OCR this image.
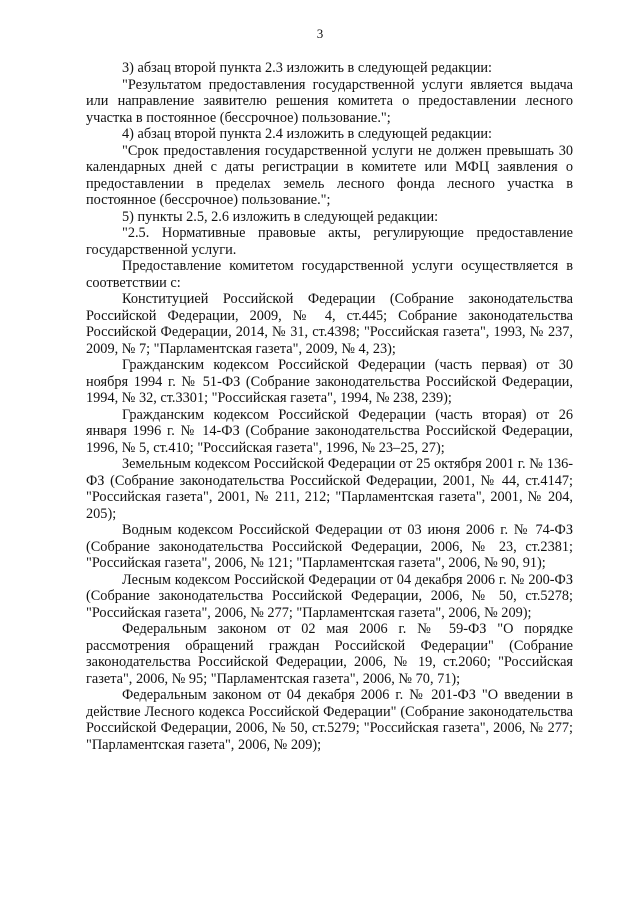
3

3) абзац второй пункта 2.3 изложить в следующей редакции:

"Результатом предоставления государственной услуги является выдача или направление заявителю решения комитета о предоставлении лесного участка в постоянное (бессрочное) пользование.";

4) абзац второй пункта 2.4 изложить в следующей редакции:

"Срок предоставления государственной услуги не должен превышать 30 календарных дней с даты регистрации в комитете или МФЦ заявления о предоставлении в пределах земель лесного фонда лесного участка в постоянное (бессрочное) пользование.";

5) пункты 2.5, 2.6 изложить в следующей редакции:

"2.5. Нормативные правовые акты, регулирующие предоставление государственной услуги.

Предоставление комитетом государственной услуги осуществляется в соответствии с:

Конституцией Российской Федерации (Собрание законодательства Российской Федерации, 2009, № 4, ст.445; Собрание законодательства Российской Федерации, 2014, № 31, ст.4398; "Российская газета", 1993, № 237, 2009, № 7; "Парламентская газета", 2009, № 4, 23);

Гражданским кодексом Российской Федерации (часть первая) от 30 ноября 1994 г. № 51-ФЗ (Собрание законодательства Российской Федерации, 1994, № 32, ст.3301; "Российская газета", 1994, № 238, 239);

Гражданским кодексом Российской Федерации (часть вторая) от 26 января 1996 г. № 14-ФЗ (Собрание законодательства Российской Федерации, 1996, № 5, ст.410; "Российская газета", 1996, № 23–25, 27);

Земельным кодексом Российской Федерации от 25 октября 2001 г. № 136-ФЗ (Собрание законодательства Российской Федерации, 2001, № 44, ст.4147; "Российская газета", 2001, № 211, 212; "Парламентская газета", 2001, № 204, 205);

Водным кодексом Российской Федерации от 03 июня 2006 г. № 74-ФЗ (Собрание законодательства Российской Федерации, 2006, № 23, ст.2381; "Российская газета", 2006, № 121; "Парламентская газета", 2006, № 90, 91);

Лесным кодексом Российской Федерации от 04 декабря 2006 г. № 200-ФЗ (Собрание законодательства Российской Федерации, 2006, № 50, ст.5278; "Российская газета", 2006, № 277; "Парламентская газета", 2006, № 209);

Федеральным законом от 02 мая 2006 г. № 59-ФЗ "О порядке рассмотрения обращений граждан Российской Федерации" (Собрание законодательства Российской Федерации, 2006, № 19, ст.2060; "Российская газета", 2006, № 95; "Парламентская газета", 2006, № 70, 71);

Федеральным законом от 04 декабря 2006 г. № 201-ФЗ "О введении в действие Лесного кодекса Российской Федерации" (Собрание законодательства Российской Федерации, 2006, № 50, ст.5279; "Российская газета", 2006, № 277; "Парламентская газета", 2006, № 209);
